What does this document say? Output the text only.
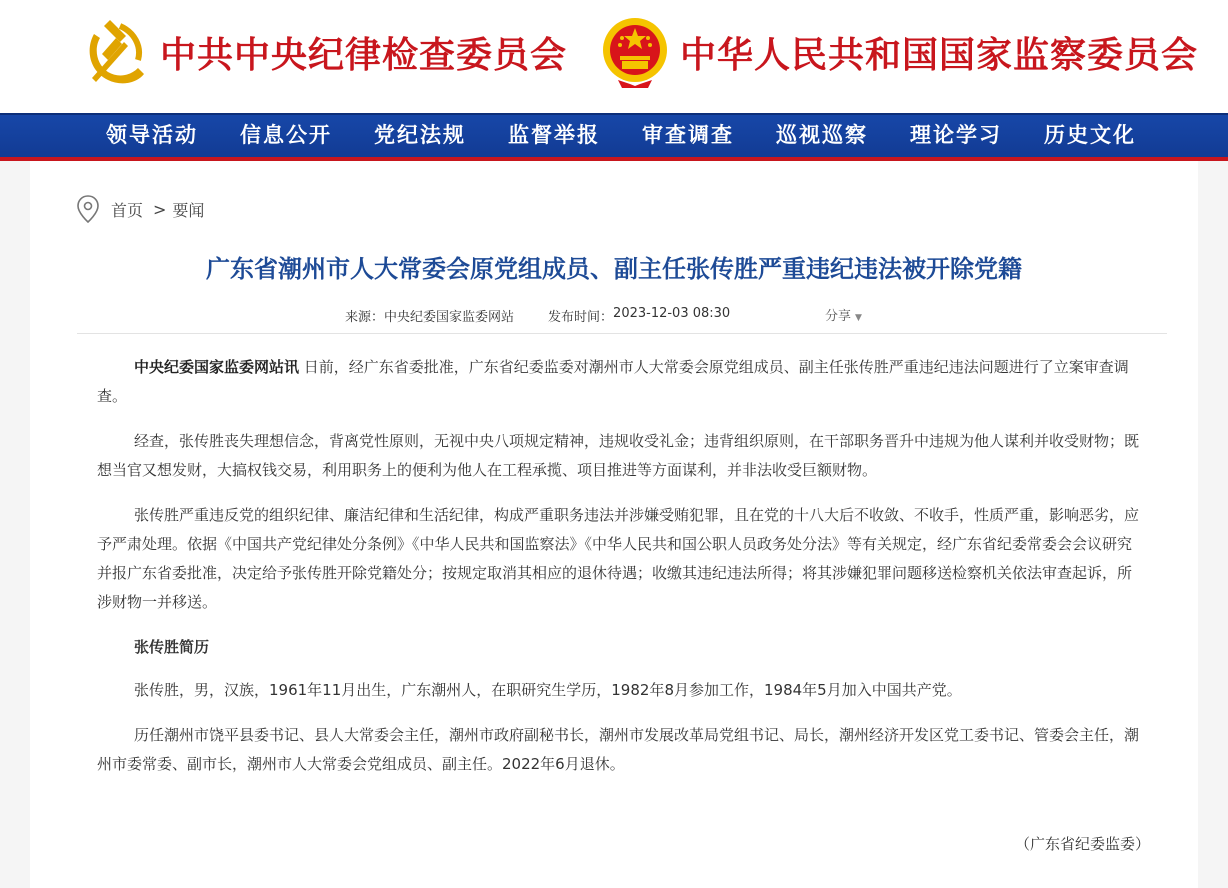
中共中央纪律检查委员会	中华人民共和国国家监察委员会
领导活动	信息公开	党纪法规	监督举报	审查调查	巡视巡察	理论学习	历史文化
首页 > 要闻
广东省潮州市人大常委会原党组成员、副主任张传胜严重违纪违法被开除党籍
来源： 中央纪委国家监委网站	发布时间： 2023-12-03 08:30	分享 ▼

中央纪委国家监委网站讯 日前，经广东省委批准，广东省纪委监委对潮州市人大常委会原党组成员、副主任张传胜严重违纪违法问题进行了立案审查调查。

经查，张传胜丧失理想信念，背离党性原则，无视中央八项规定精神，违规收受礼金；违背组织原则，在干部职务晋升中违规为他人谋利并收受财物；既想当官又想发财，大搞权钱交易，利用职务上的便利为他人在工程承揽、项目推进等方面谋利，并非法收受巨额财物。

张传胜严重违反党的组织纪律、廉洁纪律和生活纪律，构成严重职务违法并涉嫌受贿犯罪，且在党的十八大后不收敛、不收手，性质严重，影响恶劣，应予严肃处理。依据《中国共产党纪律处分条例》《中华人民共和国监察法》《中华人民共和国公职人员政务处分法》等有关规定，经广东省纪委常委会会议研究并报广东省委批准，决定给予张传胜开除党籍处分；按规定取消其相应的退休待遇；收缴其违纪违法所得；将其涉嫌犯罪问题移送检察机关依法审查起诉，所涉财物一并移送。

张传胜简历

张传胜，男，汉族，1961年11月出生，广东潮州人，在职研究生学历，1982年8月参加工作，1984年5月加入中国共产党。

历任潮州市饶平县委书记、县人大常委会主任，潮州市政府副秘书长，潮州市发展改革局党组书记、局长，潮州经济开发区党工委书记、管委会主任，潮州市委常委、副市长，潮州市人大常委会党组成员、副主任。2022年6月退休。

（广东省纪委监委）
